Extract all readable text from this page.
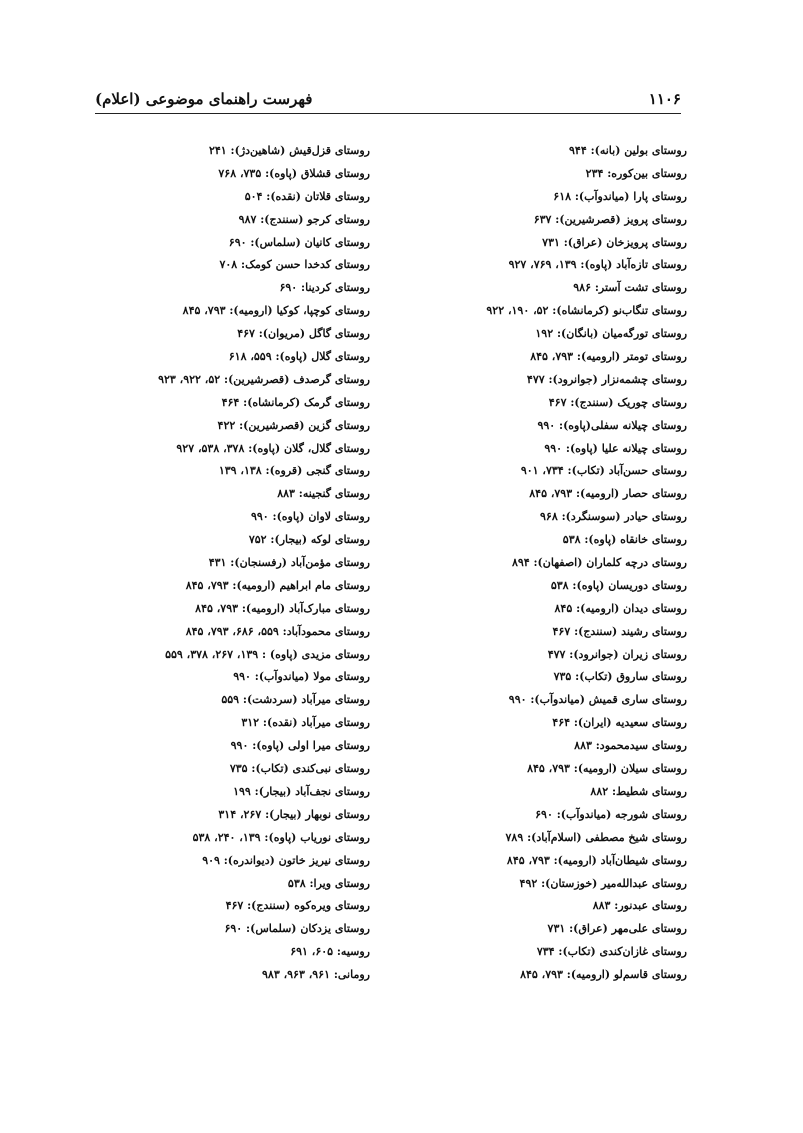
۱۱۰۶
فهرست راهنمای موضوعی (اعلام)
روستای بولین (بانه): ۹۴۴
روستای بین‌کوره: ۲۳۴
روستای پارا (میاندوآب): ۶۱۸
روستای پرویز (قصرشیرین): ۶۳۷
روستای پرویزخان (عراق): ۷۳۱
روستای تازه‌آباد (پاوه): ۱۳۹، ۷۶۹، ۹۲۷
روستای تشت آستر: ۹۸۶
روستای تنگاب‌نو (کرمانشاه): ۵۲، ۱۹۰، ۹۲۲
روستای تورگه‌میان (بانگان): ۱۹۲
روستای تومتر (ارومیه): ۷۹۳، ۸۴۵
روستای چشمه‌نزار (جوانرود): ۴۷۷
روستای چوریک (سنندج): ۴۶۷
روستای چیلانه سفلی(پاوه): ۹۹۰
روستای چیلانه علیا (پاوه): ۹۹۰
روستای حسن‌آباد (تکاب): ۷۳۴، ۹۰۱
روستای حصار (ارومیه): ۷۹۳، ۸۴۵
روستای حیادر (سوسنگرد): ۹۶۸
روستای خانقاه (پاوه): ۵۳۸
روستای درچه کلماران (اصفهان): ۸۹۴
روستای دوریسان (پاوه): ۵۳۸
روستای دیدان (ارومیه): ۸۴۵
روستای رشیند (سنندج): ۴۶۷
روستای زیران (جوانرود): ۴۷۷
روستای ساروق (تکاب): ۷۳۵
روستای ساری قمیش (میاندوآب): ۹۹۰
روستای سعیدیه (ایران): ۴۶۴
روستای سیدمحمود: ۸۸۳
روستای سیلان (ارومیه): ۷۹۳، ۸۴۵
روستای شطیط: ۸۸۲
روستای شورجه (میاندوآب): ۶۹۰
روستای شیخ مصطفی (اسلام‌آباد): ۷۸۹
روستای شیطان‌آباد (ارومیه): ۷۹۳، ۸۴۵
روستای عبدالله‌میر (خوزستان): ۴۹۲
روستای عبدنور: ۸۸۳
روستای علی‌مهر (عراق): ۷۳۱
روستای غازان‌کندی (تکاب): ۷۳۴
روستای قاسم‌لو (ارومیه): ۷۹۳، ۸۴۵
روستای قزل‌قیش (شاهین‌دژ): ۲۴۱
روستای قشلاق (پاوه): ۷۳۵، ۷۶۸
روستای قلاتان (نقده): ۵۰۴
روستای کرجو (سنندج): ۹۸۷
روستای کانیان (سلماس): ۶۹۰
روستای کدخدا حسن کومک: ۷۰۸
روستای کردینا: ۶۹۰
روستای کوچپا، کوکیا (ارومیه): ۷۹۳، ۸۴۵
روستای گاگل (مریوان): ۴۶۷
روستای گلال (پاوه): ۵۵۹، ۶۱۸
روستای گرصدف (قصرشیرین): ۵۲، ۹۲۲، ۹۲۳
روستای گرمک (کرمانشاه): ۴۶۴
روستای گزین (قصرشیرین): ۴۲۲
روستای گلال، گلان (پاوه): ۳۷۸، ۵۳۸، ۹۲۷
روستای گنجی (قروه): ۱۳۸، ۱۳۹
روستای گنجینه: ۸۸۳
روستای لاوان (پاوه): ۹۹۰
روستای لوکه (بیجار): ۷۵۲
روستای مؤمن‌آباد (رفسنجان): ۴۳۱
روستای مام ابراهیم (ارومیه): ۷۹۳، ۸۴۵
روستای مبارک‌آباد (ارومیه): ۷۹۳، ۸۴۵
روستای محمودآباد: ۵۵۹، ۶۸۶، ۷۹۳، ۸۴۵
روستای مزیدی (پاوه) : ۱۳۹، ۲۶۷، ۳۷۸، ۵۵۹
روستای مولا (میاندوآب): ۹۹۰
روستای میرآباد (سردشت): ۵۵۹
روستای میرآباد (نقده): ۳۱۲
روستای میرا اولی (پاوه): ۹۹۰
روستای نبی‌کندی (تکاب): ۷۳۵
روستای نجف‌آباد (بیجار): ۱۹۹
روستای نوبهار (بیجار): ۲۶۷، ۳۱۴
روستای نوریاب (پاوه): ۱۳۹، ۲۴۰، ۵۳۸
روستای نیریز خاتون (دیواندره): ۹۰۹
روستای ویرا: ۵۳۸
روستای ویره‌کوه (سنندج): ۴۶۷
روستای یزدکان (سلماس): ۶۹۰
روسیه: ۶۰۵، ۶۹۱
رومانی: ۹۶۱، ۹۶۳، ۹۸۳
